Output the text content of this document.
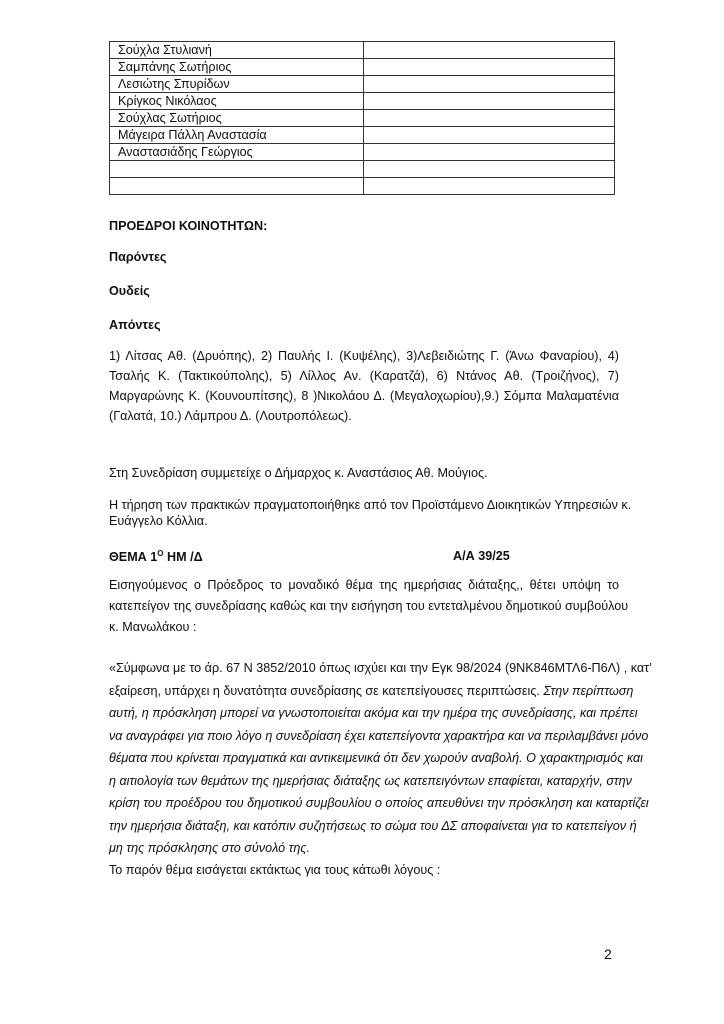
Σούχλα Στυλιανή	
Σαμπάνης Σωτήριος	
Λεσιώτης Σπυρίδων	
Κρίγκος Νικόλαος	
Σούχλας Σωτήριος	
Μάγειρα Πάλλη Αναστασία	
Αναστασιάδης Γεώργιος	

ΠΡΟΕΔΡΟΙ ΚΟΙΝΟΤΗΤΩΝ:

Παρόντες

Ουδείς

Απόντες

1) Λίτσας Αθ. (Δρυόπης), 2) Παυλής Ι. (Κυψέλης), 3)Λεβειδιώτης Γ. (Άνω Φαναρίου), 4)
Τσαλής Κ. (Τακτικούπολης), 5) Λίλλος Αν. (Καρατζά), 6) Ντάνος Αθ. (Τροιζήνος), 7)
Μαργαρώνης Κ. (Κουνουπίτσης), 8 )Νικολάου Δ. (Μεγαλοχωρίου),9.) Σόμπα Μαλαματένια
(Γαλατά, 10.) Λάμπρου Δ. (Λουτροπόλεως).

Στη Συνεδρίαση συμμετείχε ο Δήμαρχος κ. Αναστάσιος Αθ. Μούγιος.

Η τήρηση των πρακτικών πραγματοποιήθηκε από τον Προϊστάμενο Διοικητικών Υπηρεσιών κ.
Ευάγγελο Κόλλια.

ΘΕΜΑ $1^O$ ΗΜ /Δ	Α/Α 39/25

Εισηγούμενος ο Πρόεδρος το μοναδικό θέμα της ημερήσιας διάταξης,, θέτει υπόψη το
κατεπείγον της συνεδρίασης καθώς και την εισήγηση του εντεταλμένου δημοτικού συμβούλου
κ. Μανωλάκου :
«Σύμφωνα με το άρ. 67 Ν 3852/2010 όπως ισχύει και την Εγκ 98/2024 (9ΝΚ846ΜΤΛ6-Π6Λ) , κατ’
εξαίρεση, υπάρχει η δυνατότητα συνεδρίασης σε κατεπείγουσες περιπτώσεις. Στην περίπτωση
αυτή, η πρόσκληση μπορεί να γνωστοποιείται ακόμα και την ημέρα της συνεδρίασης, και πρέπει
να αναγράφει για ποιο λόγο η συνεδρίαση έχει κατεπείγοντα χαρακτήρα και να περιλαμβάνει μόνο
θέματα που κρίνεται πραγματικά και αντικειμενικά ότι δεν χωρούν αναβολή. Ο χαρακτηρισμός και
η αιτιολογία των θεμάτων της ημερήσιας διάταξης ως κατεπειγόντων επαφίεται, καταρχήν, στην
κρίση του προέδρου του δημοτικού συμβουλίου ο οποίος απευθύνει την πρόσκληση και καταρτίζει
την ημερήσια διάταξη, και κατόπιν συζητήσεως το σώμα του ΔΣ αποφαίνεται για το κατεπείγον ή
μη της πρόσκλησης στο σύνολό της.
Το παρόν θέμα εισάγεται εκτάκτως για τους κάτωθι λόγους :

2
